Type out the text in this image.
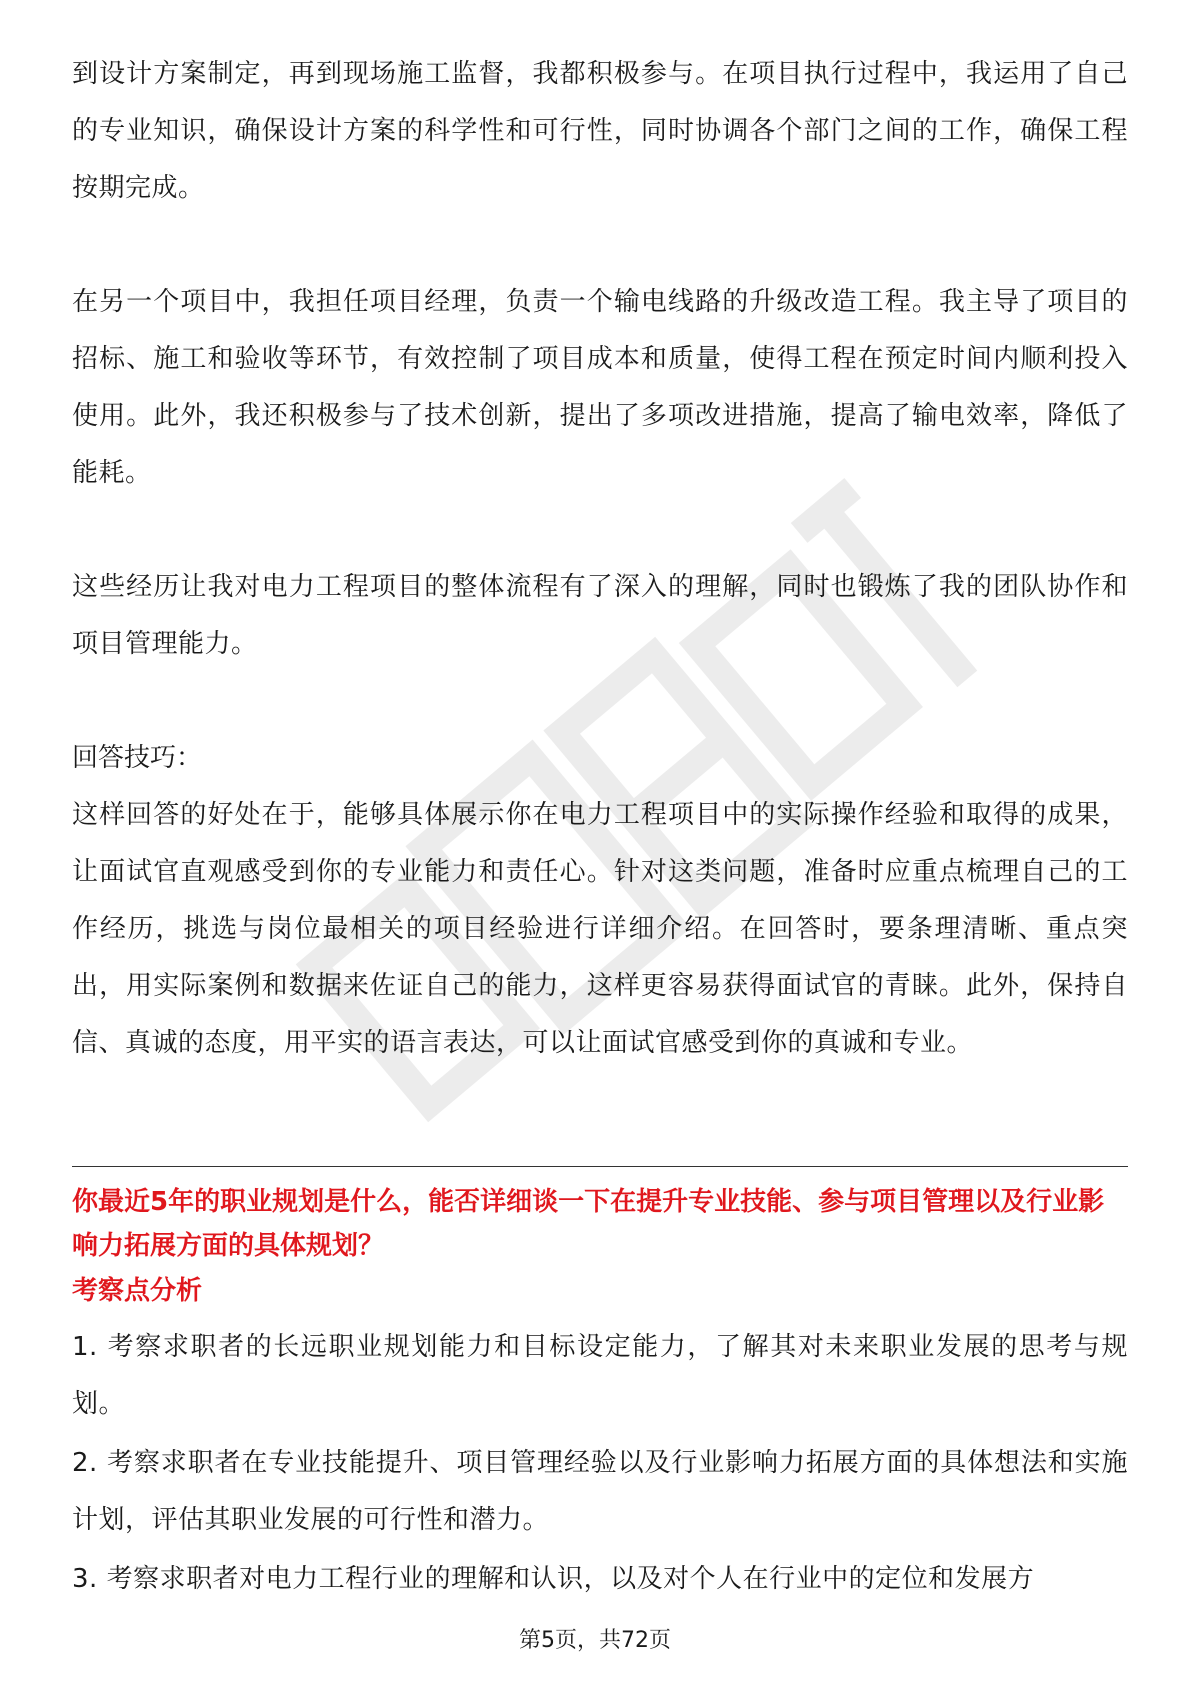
到设计方案制定，再到现场施工监督，我都积极参与。在项目执行过程中，我运用了自己的专业知识，确保设计方案的科学性和可行性，同时协调各个部门之间的工作，确保工程按期完成。

在另一个项目中，我担任项目经理，负责一个输电线路的升级改造工程。我主导了项目的招标、施工和验收等环节，有效控制了项目成本和质量，使得工程在预定时间内顺利投入使用。此外，我还积极参与了技术创新，提出了多项改进措施，提高了输电效率，降低了能耗。

这些经历让我对电力工程项目的整体流程有了深入的理解，同时也锻炼了我的团队协作和项目管理能力。

回答技巧：

这样回答的好处在于，能够具体展示你在电力工程项目中的实际操作经验和取得的成果，让面试官直观感受到你的专业能力和责任心。针对这类问题，准备时应重点梳理自己的工作经历，挑选与岗位最相关的项目经验进行详细介绍。在回答时，要条理清晰、重点突出，用实际案例和数据来佐证自己的能力，这样更容易获得面试官的青睐。此外，保持自信、真诚的态度，用平实的语言表达，可以让面试官感受到你的真诚和专业。

你最近5年的职业规划是什么，能否详细谈一下在提升专业技能、参与项目管理以及行业影响力拓展方面的具体规划？

考察点分析

1. 考察求职者的长远职业规划能力和目标设定能力，了解其对未来职业发展的思考与规划。

2. 考察求职者在专业技能提升、项目管理经验以及行业影响力拓展方面的具体想法和实施计划，评估其职业发展的可行性和潜力。

3. 考察求职者对电力工程行业的理解和认识，以及对个人在行业中的定位和发展方

第5页，共72页
